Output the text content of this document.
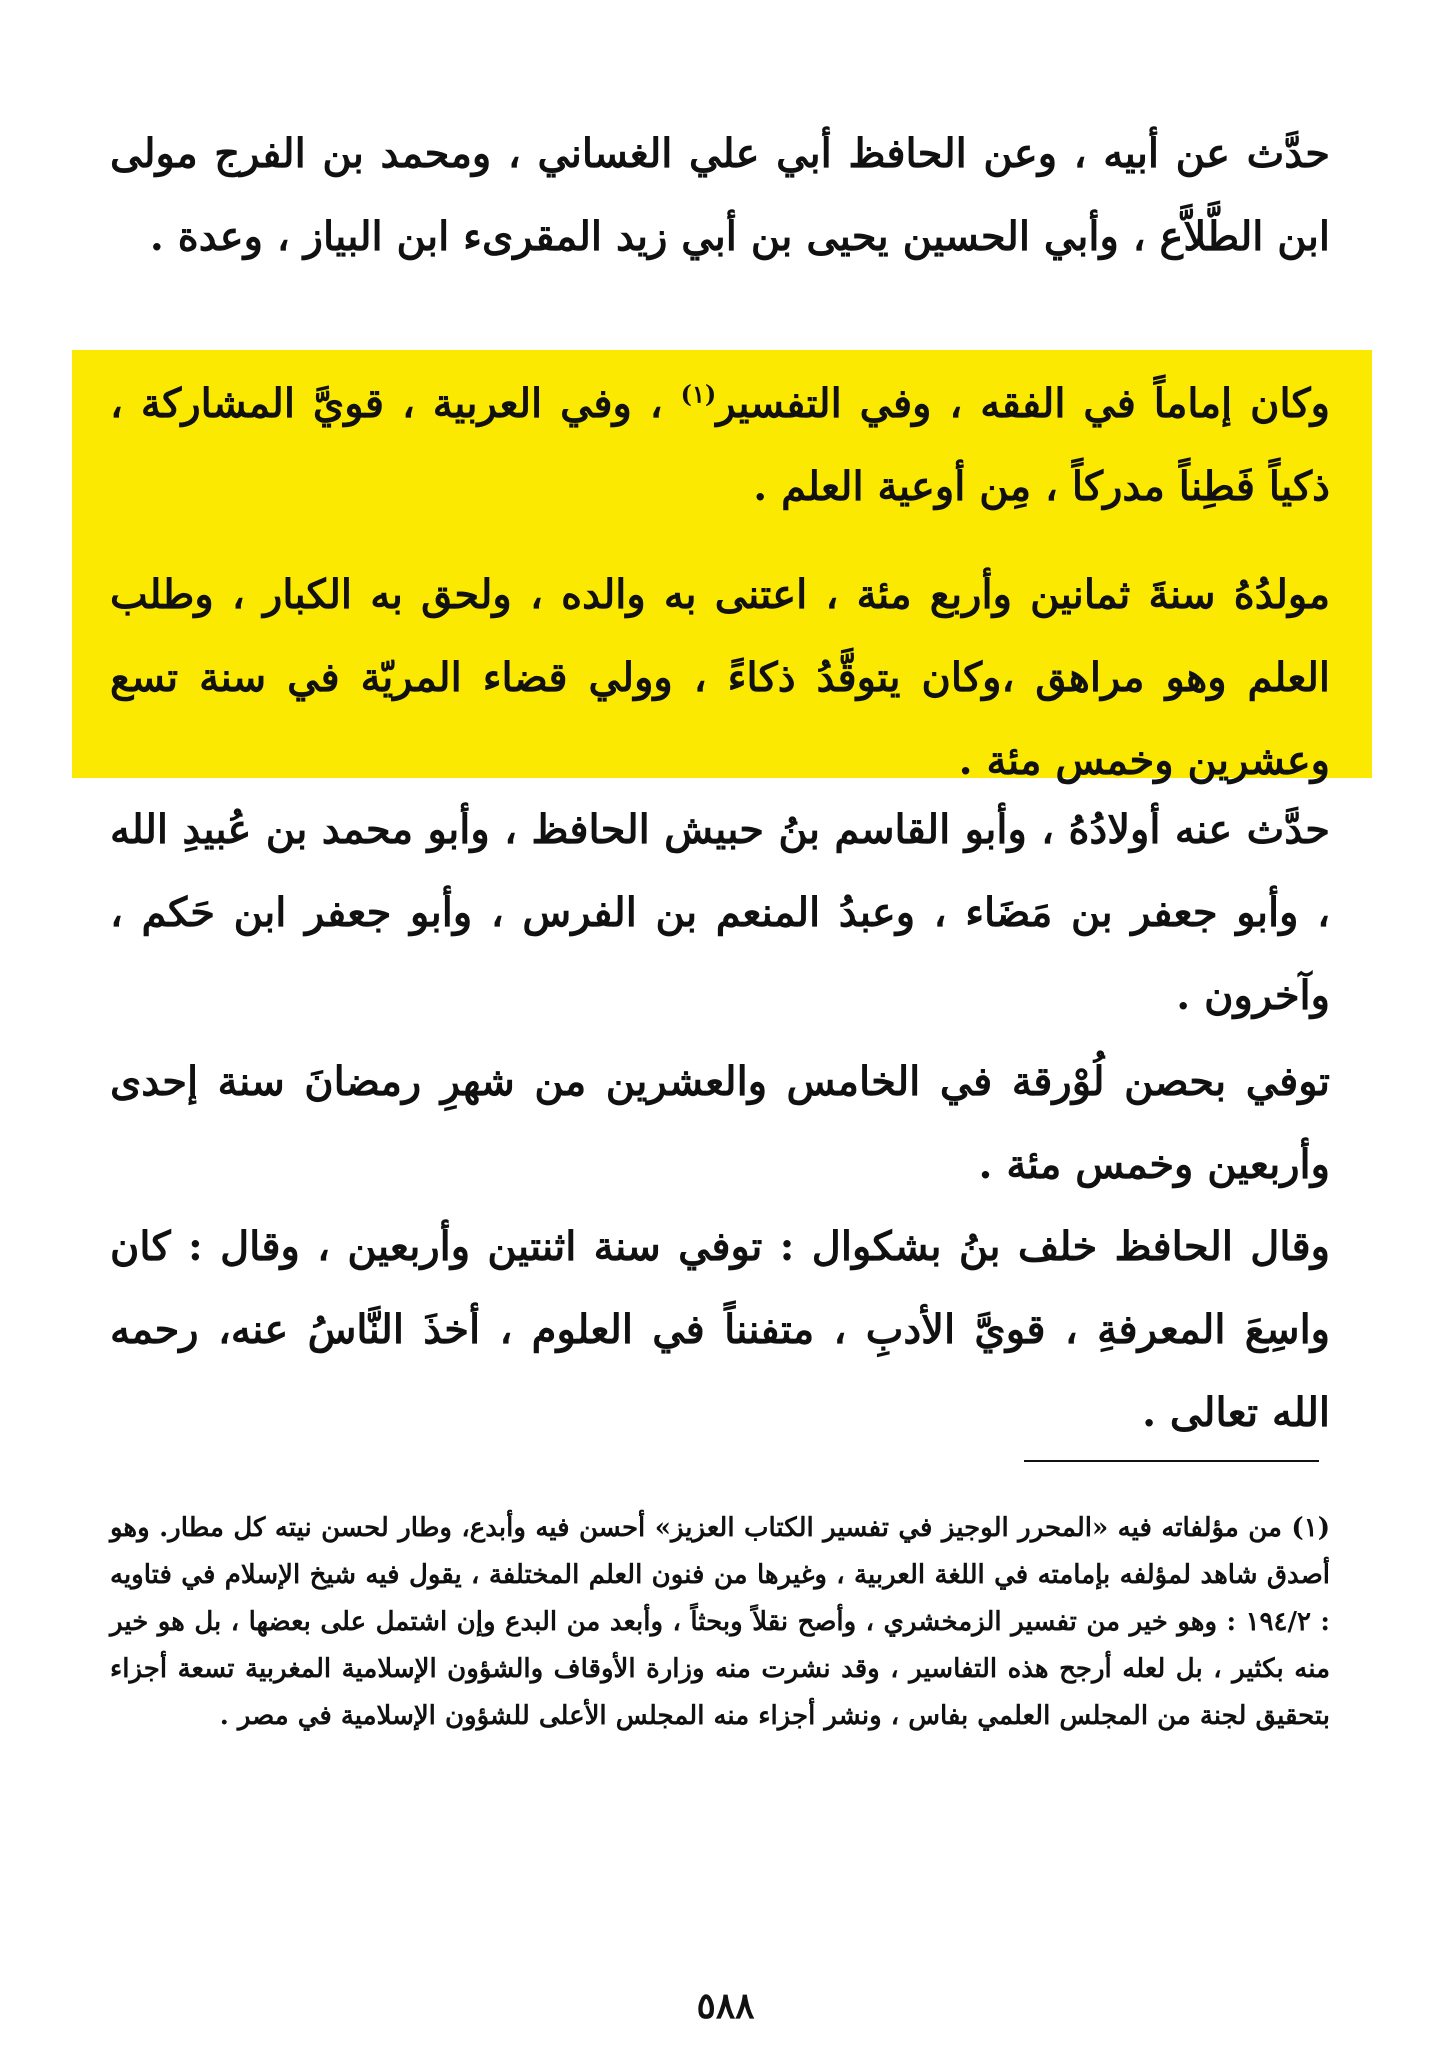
حدَّث عن أبيه ، وعن الحافظ أبي علي الغساني ، ومحمد بن الفرج مولى ابن الطَّلاَّع ، وأبي الحسين يحيى بن أبي زيد المقرىء ابن البياز ، وعدة .

وكان إماماً في الفقه ، وفي التفسير$^{(١)}$ ، وفي العربية ، قويَّ المشاركة ، ذكياً فَطِناً مدركاً ، مِن أوعية العلم .

مولدُهُ سنةَ ثمانين وأربع مئة ، اعتنى به والده ، ولحق به الكبار ، وطلب العلم وهو مراهق ،وكان يتوقَّدُ ذكاءً ، وولي قضاء المريّة في سنة تسع وعشرين وخمس مئة .

حدَّث عنه أولادُهُ ، وأبو القاسم بنُ حبيش الحافظ ، وأبو محمد بن عُبيدِ الله ، وأبو جعفر بن مَضَاء ، وعبدُ المنعم بن الفرس ، وأبو جعفر ابن حَكم ، وآخرون .

توفي بحصن لُوْرقة في الخامس والعشرين من شهرِ رمضانَ سنة إحدى وأربعين وخمس مئة .

وقال الحافظ خلف بنُ بشكوال : توفي سنة اثنتين وأربعين ، وقال : كان واسِعَ المعرفةِ ، قويَّ الأدبِ ، متفنناً في العلوم ، أخذَ النَّاسُ عنه، رحمه الله تعالى .

(١) من مؤلفاته فيه «المحرر الوجيز في تفسير الكتاب العزيز» أحسن فيه وأبدع، وطار لحسن نيته كل مطار. وهو أصدق شاهد لمؤلفه بإمامته في اللغة العربية ، وغيرها من فنون العلم المختلفة ، يقول فيه شيخ الإسلام في فتاويه : ١٩٤/٢ : وهو خير من تفسير الزمخشري ، وأصح نقلاً وبحثاً ، وأبعد من البدع وإن اشتمل على بعضها ، بل هو خير منه بكثير ، بل لعله أرجح هذه التفاسير ، وقد نشرت منه وزارة الأوقاف والشؤون الإسلامية المغربية تسعة أجزاء بتحقيق لجنة من المجلس العلمي بفاس ، ونشر أجزاء منه المجلس الأعلى للشؤون الإسلامية في مصر .

٥٨٨
